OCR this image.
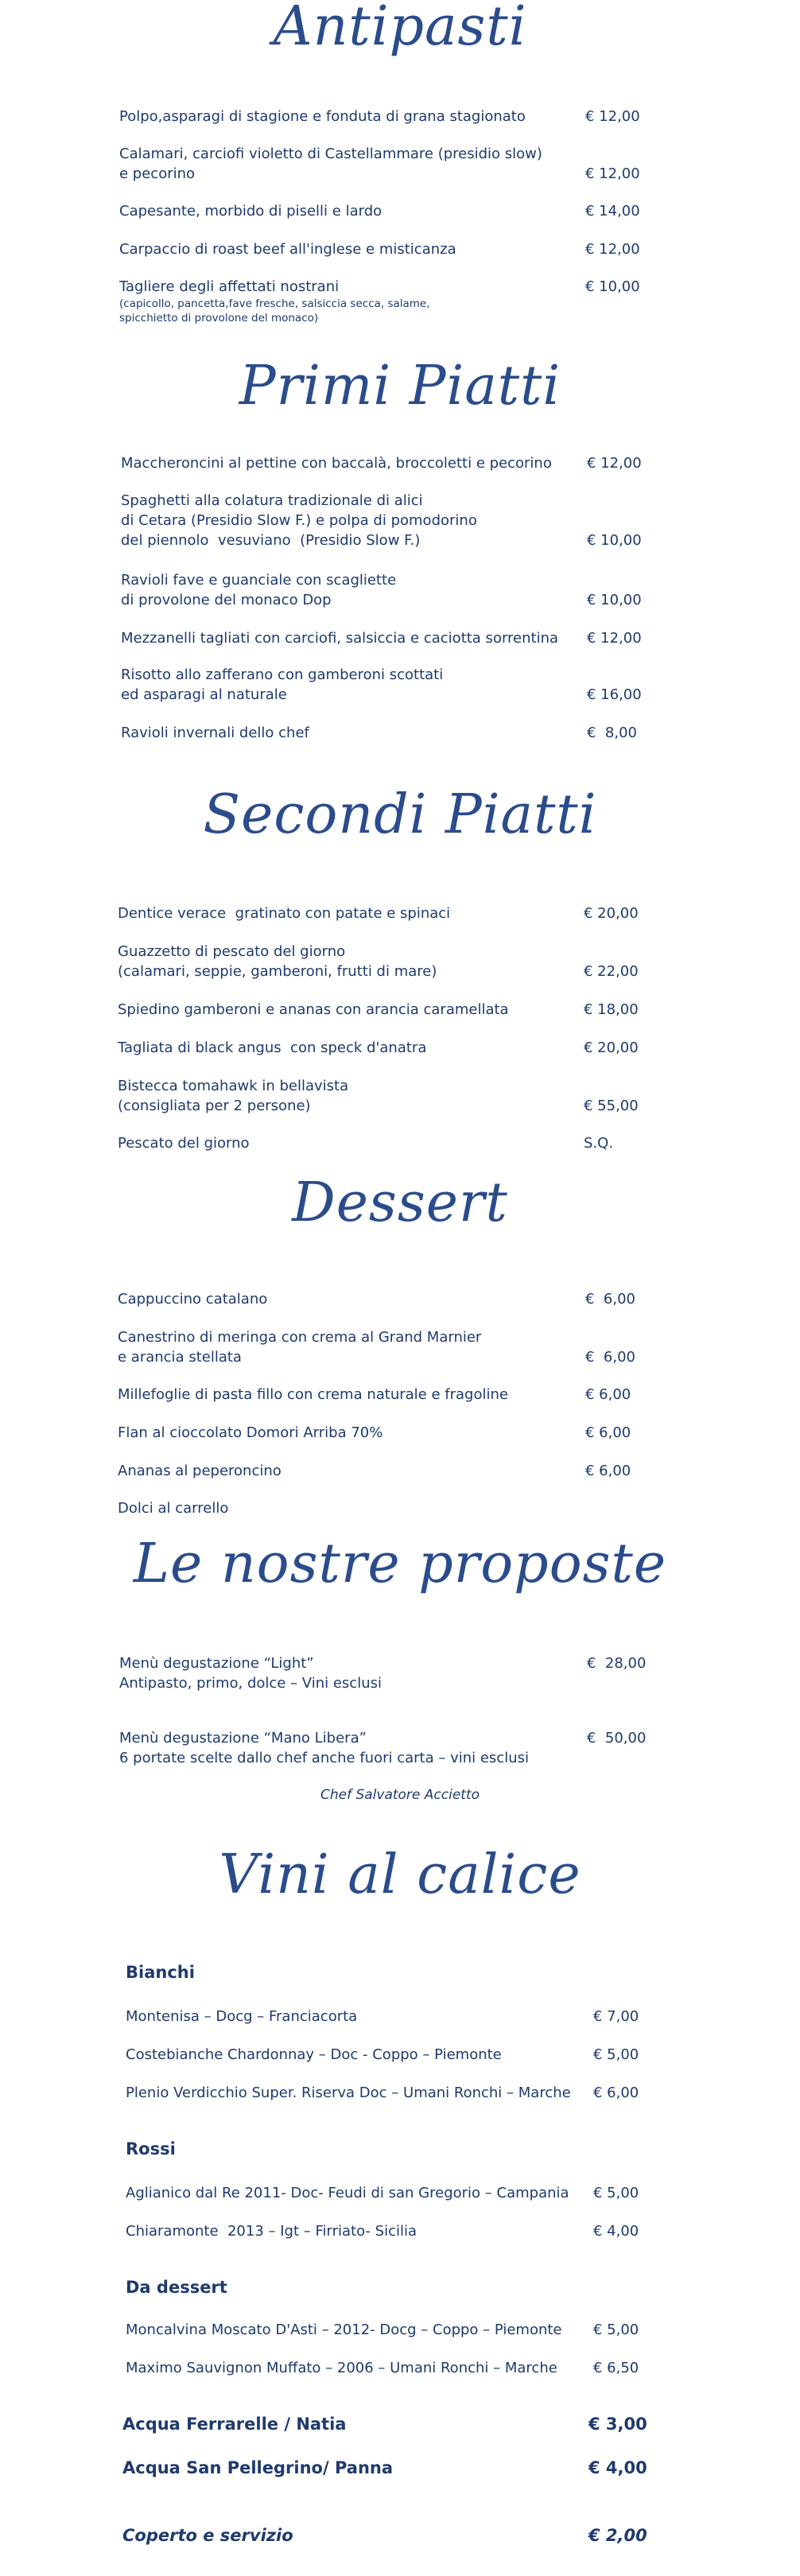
Antipasti
Polpo,asparagi di stagione e fonduta di grana stagionato	€ 12,00
Calamari, carciofi violetto di Castellammare (presidio slow)
e pecorino	€ 12,00
Capesante, morbido di piselli e lardo	€ 14,00
Carpaccio di roast beef all'inglese e misticanza	€ 12,00
Tagliere degli affettati nostrani	€ 10,00
(capicollo, pancetta,fave fresche, salsiccia secca, salame,
spicchietto di provolone del monaco)
Primi Piatti
Maccheroncini al pettine con baccalà, broccoletti e pecorino € 12,00
Spaghetti alla colatura tradizionale di alici
di Cetara (Presidio Slow F.) e polpa di pomodorino
del piennolo  vesuviano  (Presidio Slow F.)	€ 10,00
Ravioli fave e guanciale con scagliette
di provolone del monaco Dop	€ 10,00
Mezzanelli tagliati con carciofi, salsiccia e caciotta sorrentina € 12,00
Risotto allo zafferano con gamberoni scottati
ed asparagi al naturale	€ 16,00
Ravioli invernali dello chef	€  8,00
Secondi Piatti
Dentice verace  gratinato con patate e spinaci	€ 20,00
Guazzetto di pescato del giorno
(calamari, seppie, gamberoni, frutti di mare)	€ 22,00
Spiedino gamberoni e ananas con arancia caramellata	€ 18,00
Tagliata di black angus  con speck d'anatra	€ 20,00
Bistecca tomahawk in bellavista
(consigliata per 2 persone)	€ 55,00
Pescato del giorno	S.Q.
Dessert
Cappuccino catalano	€  6,00
Canestrino di meringa con crema al Grand Marnier
e arancia stellata	€  6,00
Millefoglie di pasta fillo con crema naturale e fragoline	€ 6,00
Flan al cioccolato Domori Arriba 70%	€ 6,00
Ananas al peperoncino	€ 6,00
Dolci al carrello
Le nostre proposte
Menù degustazione “Light”
Antipasto, primo, dolce – Vini esclusi
€  28,00
Menù degustazione “Mano Libera”
6 portate scelte dallo chef anche fuori carta – vini esclusi
€  50,00
Chef Salvatore Accietto
Vini al calice
Bianchi
Montenisa – Docg – Franciacorta	€ 7,00
Costebianche Chardonnay – Doc - Coppo – Piemonte	€ 5,00
Plenio Verdicchio Super. Riserva Doc – Umani Ronchi – Marche € 6,00
Rossi
Aglianico dal Re 2011- Doc- Feudi di san Gregorio – Campania € 5,00
Chiaramonte  2013 – Igt – Firriato- Sicilia	€ 4,00
Da dessert
Moncalvina Moscato D'Asti – 2012- Docg – Coppo – Piemonte € 5,00
Maximo Sauvignon Muffato – 2006 – Umani Ronchi – Marche	€ 6,50
Acqua Ferrarelle / Natia	€ 3,00
Acqua San Pellegrino/ Panna	€ 4,00
Coperto e servizio	€ 2,00
